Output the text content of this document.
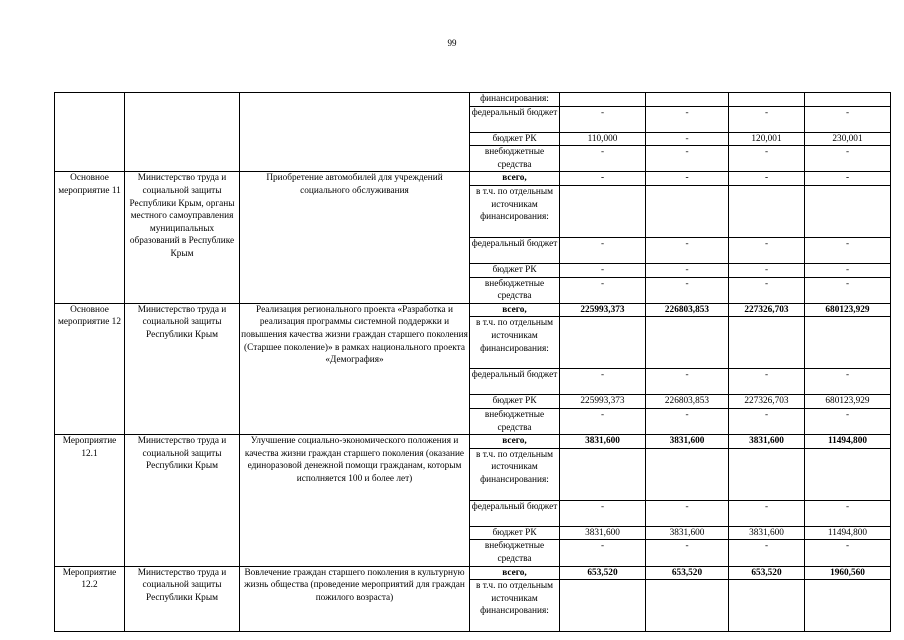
99
			финансирования:				
			федеральный бюджет	-	-	-	-
			бюджет РК	110,000	-	120,001	230,001
			внебюджетные средства	-	-	-	-
Основное мероприятие 11	Министерство труда и социальной защиты Республики Крым, органы местного самоуправления муниципальных образований в Республике Крым	Приобретение автомобилей для учреждений социального обслуживания	всего,	-	-	-	-
			в т.ч. по отдельным источникам финансирования:				
			федеральный бюджет	-	-	-	-
			бюджет РК	-	-	-	-
			внебюджетные средства	-	-	-	-
Основное мероприятие 12	Министерство труда и социальной защиты Республики Крым	Реализация регионального проекта «Разработка и реализация программы системной поддержки и повышения качества жизни граждан старшего поколения (Старшее поколение)» в рамках национального проекта «Демография»	всего,	225993,373	226803,853	227326,703	680123,929
			в т.ч. по отдельным источникам финансирования:				
			федеральный бюджет	-	-	-	-
			бюджет РК	225993,373	226803,853	227326,703	680123,929
			внебюджетные средства	-	-	-	-
Мероприятие 12.1	Министерство труда и социальной защиты Республики Крым	Улучшение социально-экономического положения и качества жизни граждан старшего поколения (оказание единоразовой денежной помощи гражданам, которым исполняется 100 и более лет)	всего,	3831,600	3831,600	3831,600	11494,800
			в т.ч. по отдельным источникам финансирования:				
			федеральный бюджет	-	-	-	-
			бюджет РК	3831,600	3831,600	3831,600	11494,800
			внебюджетные средства	-	-	-	-
Мероприятие 12.2	Министерство труда и социальной защиты Республики Крым	Вовлечение граждан старшего поколения в культурную жизнь общества (проведение мероприятий для граждан пожилого возраста)	всего,	653,520	653,520	653,520	1960,560
			в т.ч. по отдельным источникам финансирования:				
